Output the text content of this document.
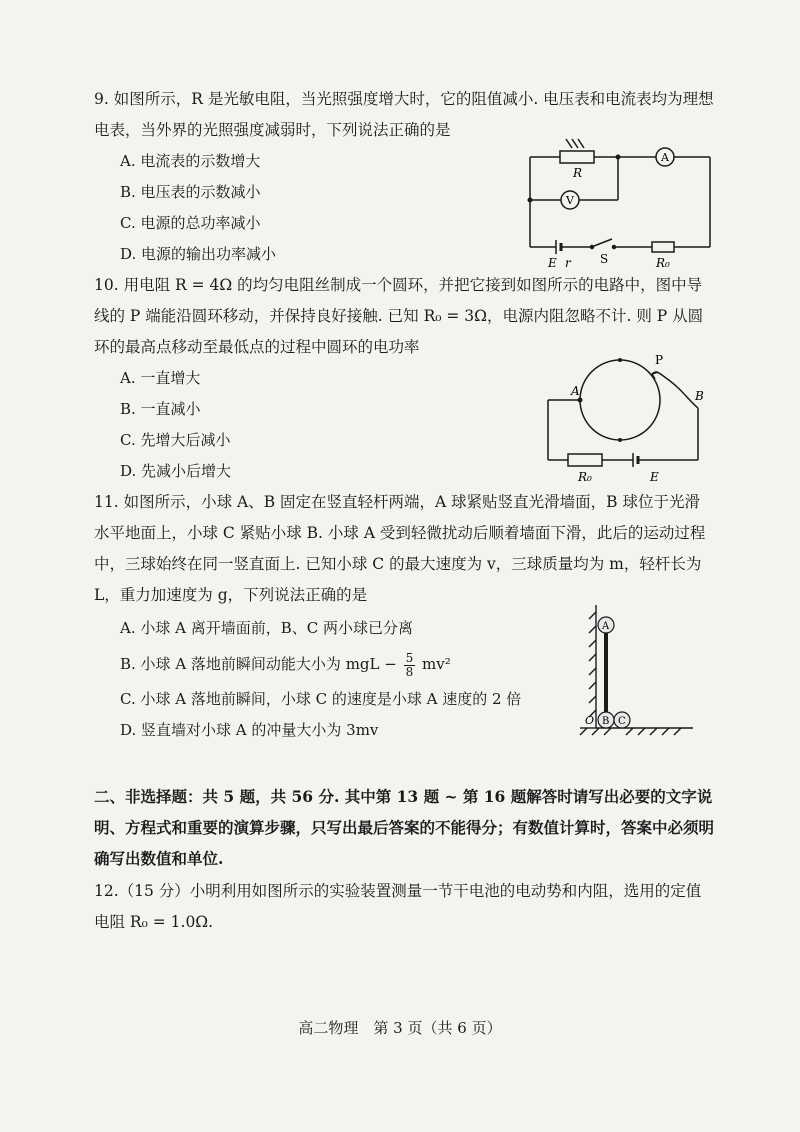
9. 如图所示，R 是光敏电阻，当光照强度增大时，它的阻值减小. 电压表和电流表均为理想电表，当外界的光照强度减弱时，下列说法正确的是

A. 电流表的示数增大

B. 电压表的示数减小

C. 电源的总功率减小

D. 电源的输出功率减小

R
A
V
E r S	R₀

10. 用电阻 R = 4Ω 的均匀电阻丝制成一个圆环，并把它接到如图所示的电路中，图中导线的 P 端能沿圆环移动，并保持良好接触. 已知 R₀ = 3Ω，电源内阻忽略不计. 则 P 从圆环的最高点移动至最低点的过程中圆环的电功率

A. 一直增大

B. 一直减小

C. 先增大后减小

D. 先减小后增大

P
A	B
R₀	E

11. 如图所示，小球 A、B 固定在竖直轻杆两端，A 球紧贴竖直光滑墙面，B 球位于光滑水平地面上，小球 C 紧贴小球 B. 小球 A 受到轻微扰动后顺着墙面下滑，此后的运动过程中，三球始终在同一竖直面上. 已知小球 C 的最大速度为 v，三球质量均为 m，轻杆长为 L，重力加速度为 g，下列说法正确的是

A. 小球 A 离开墙面前，B、C 两小球已分离

B. 小球 A 落地前瞬间动能大小为 mgL − $\frac{5}{8} mv^2$

C. 小球 A 落地前瞬间，小球 C 的速度是小球 A 速度的 2 倍

D. 竖直墙对小球 A 的冲量大小为 3mv

A
B C
O

二、非选择题：共 5 题，共 56 分. 其中第 13 题 ~ 第 16 题解答时请写出必要的文字说明、方程式和重要的演算步骤，只写出最后答案的不能得分；有数值计算时，答案中必须明确写出数值和单位.

12.（15 分）小明利用如图所示的实验装置测量一节干电池的电动势和内阻，选用的定值电阻 R₀ = 1.0Ω.

高二物理　第 3 页（共 6 页）
